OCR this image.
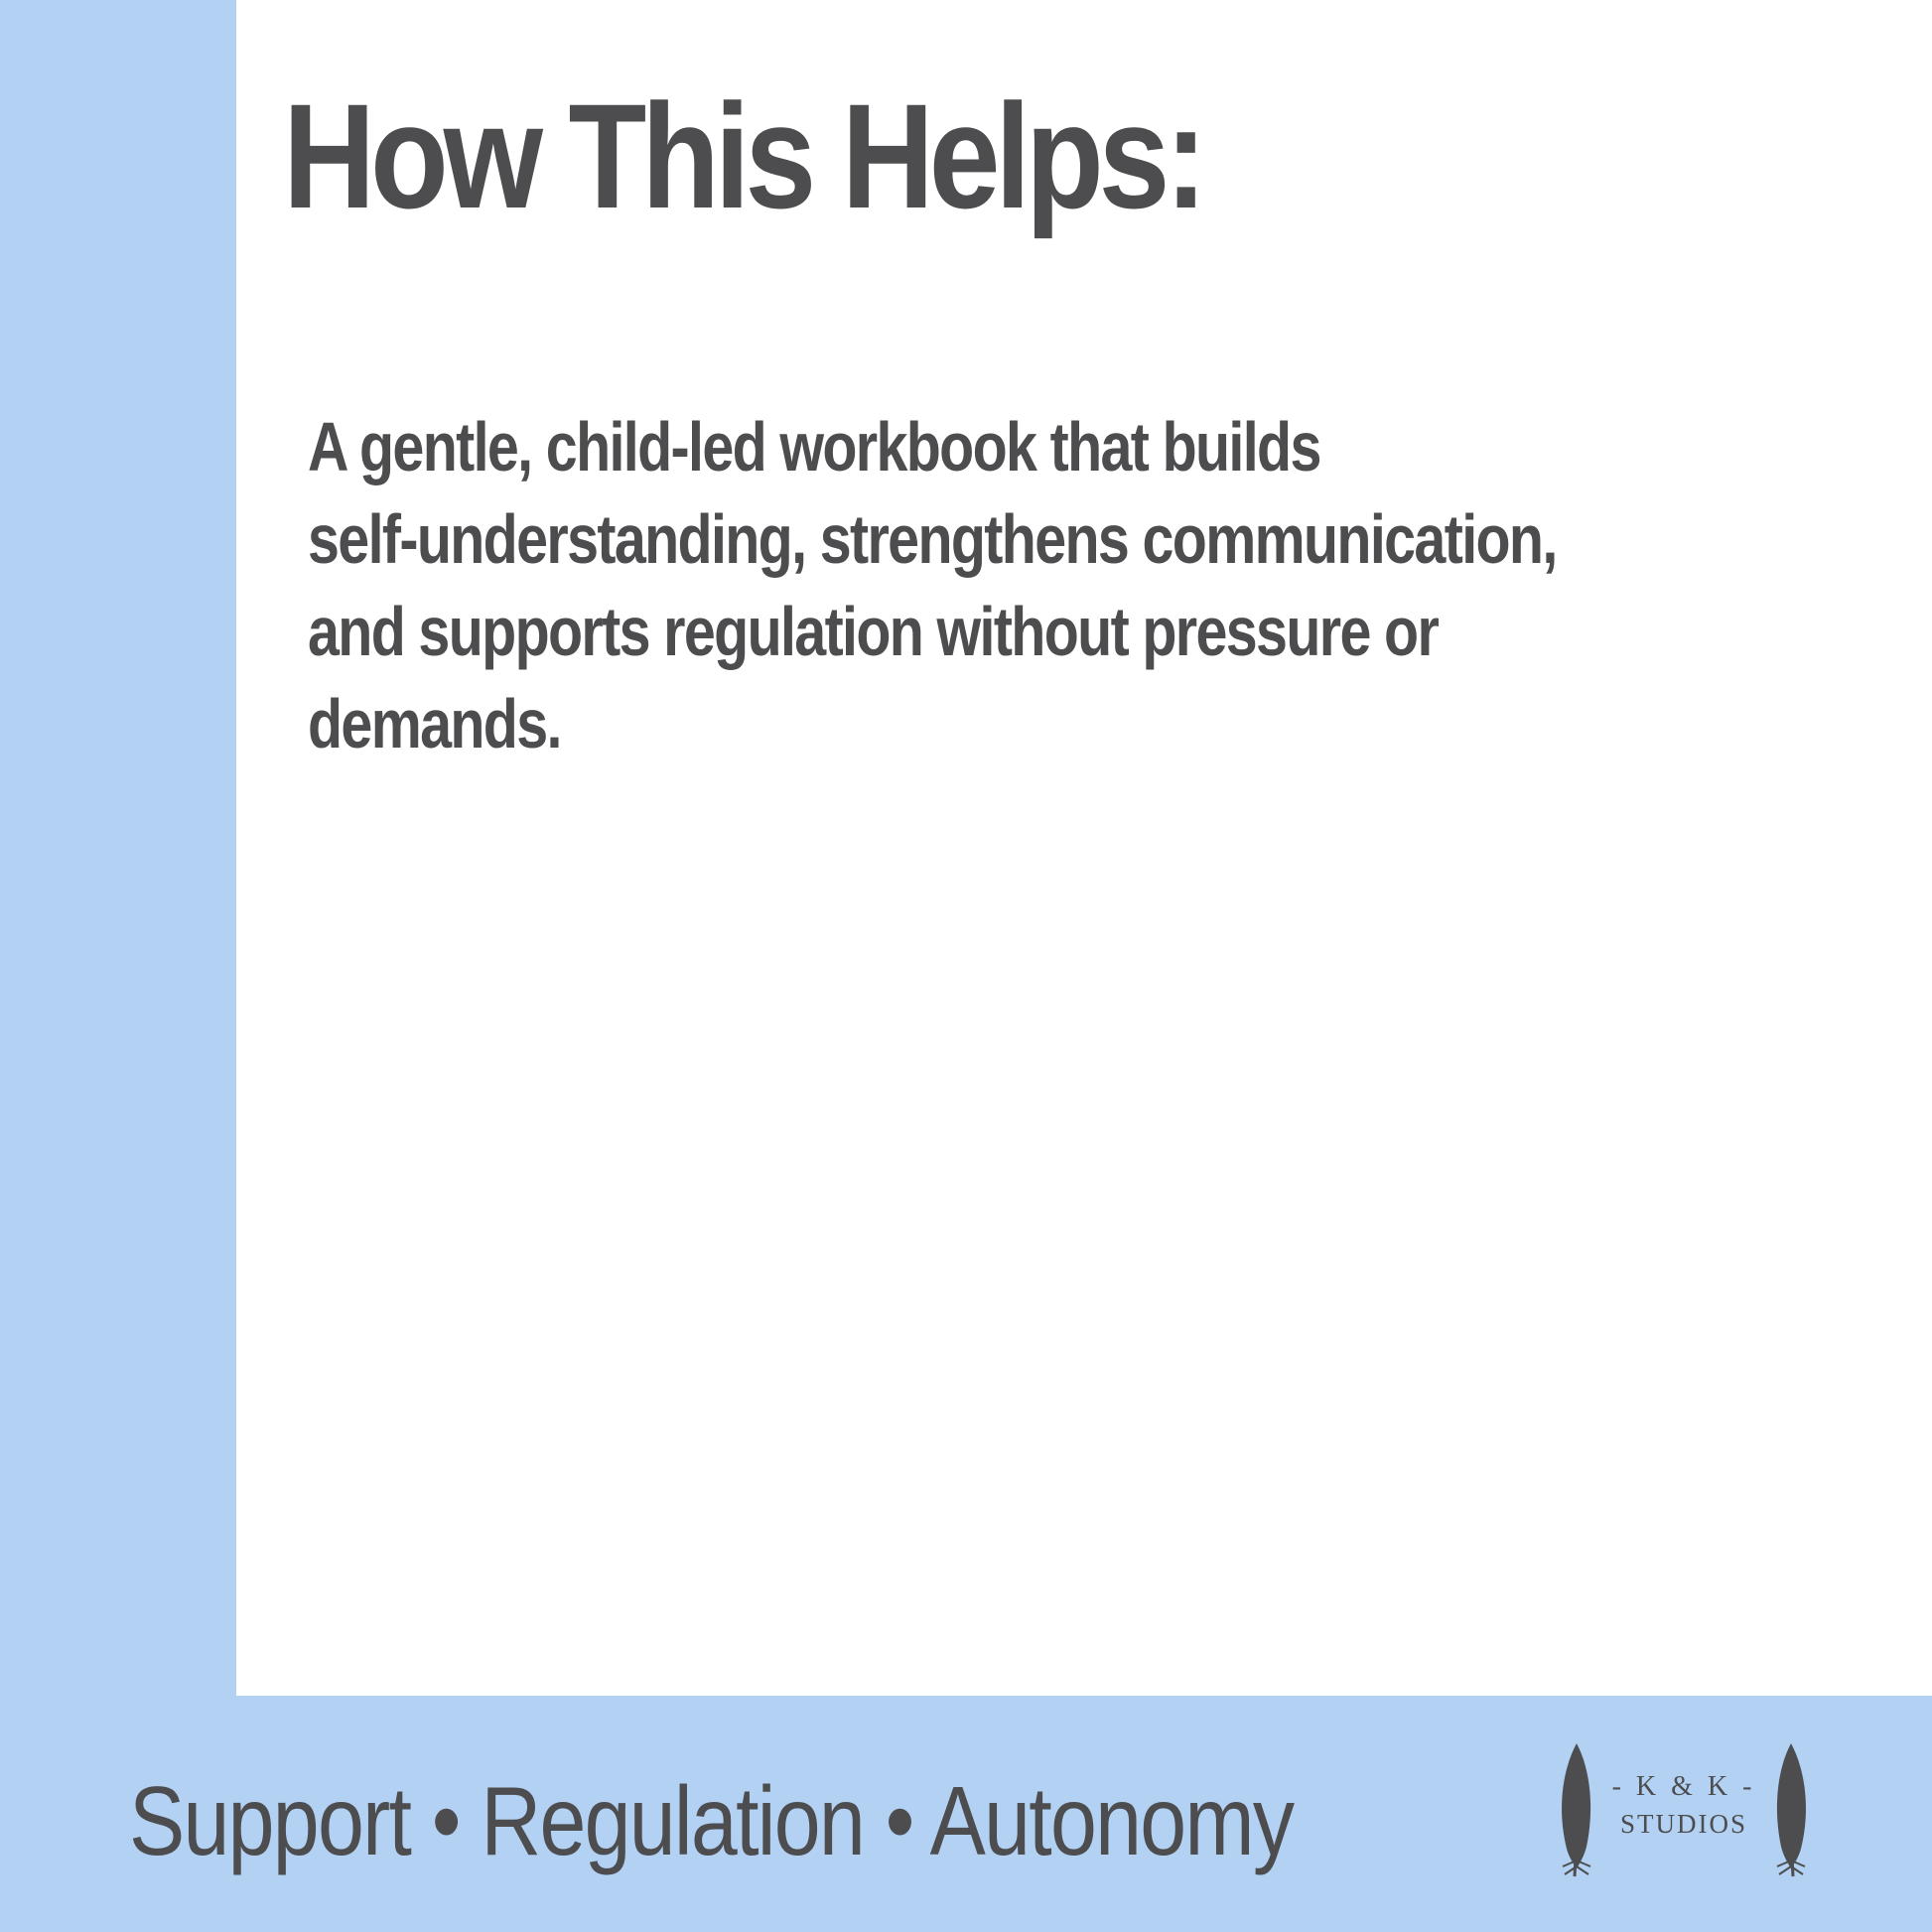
How This Helps:
A gentle, child-led workbook that builds
self-understanding, strengthens communication,
and supports regulation without pressure or
demands.
Support • Regulation • Autonomy	- K & K -
STUDIOS
